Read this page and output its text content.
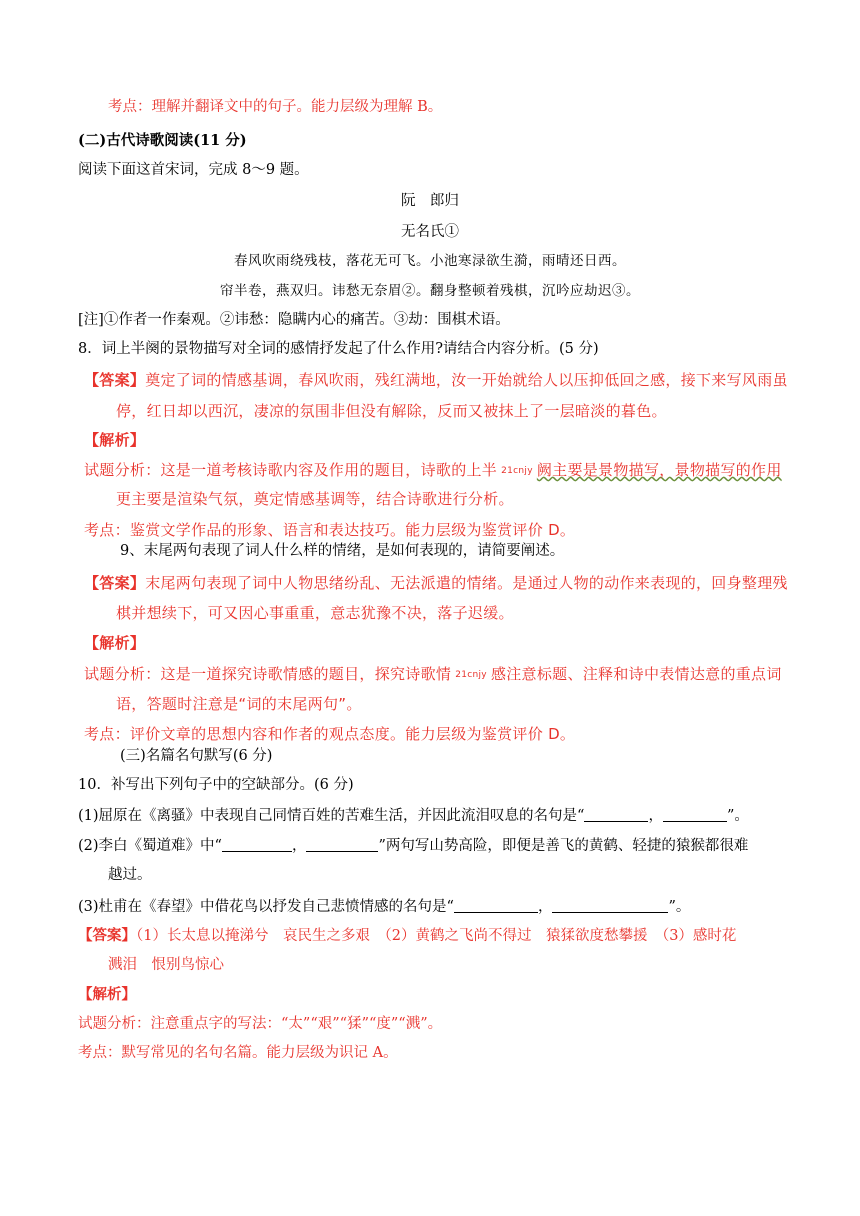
考点：理解并翻译文中的句子。能力层级为理解 B。
(二)古代诗歌阅读(11 分)
阅读下面这首宋词，完成 8～9 题。
阮　郎归
无名氏①
春风吹雨绕残枝，落花无可飞。小池寒渌欲生漪，雨晴还日西。
帘半卷，燕双归。讳愁无奈眉②。翻身整顿着残棋，沉吟应劫迟③。
[注]①作者一作秦观。②讳愁：隐瞒内心的痛苦。③劫：围棋术语。
8．词上半阕的景物描写对全词的感情抒发起了什么作用?请结合内容分析。(5 分)
【答案】奠定了词的情感基调，春风吹雨，残红满地，汝一开始就给人以压抑低回之感，接下来写风雨虽
停，红日却以西沉，凄凉的氛围非但没有解除，反而又被抹上了一层暗淡的暮色。
【解析】
试题分析：这是一道考核诗歌内容及作用的题目，诗歌的上半 21cnjy 阙主要是景物描写，景物描写的作用
更主要是渲染气氛，奠定情感基调等，结合诗歌进行分析。
考点：鉴赏文学作品的形象、语言和表达技巧。能力层级为鉴赏评价 D。
9、末尾两句表现了词人什么样的情绪，是如何表现的，请简要阐述。
【答案】末尾两句表现了词中人物思绪纷乱、无法派遣的情绪。是通过人物的动作来表现的，回身整理残
棋并想续下，可又因心事重重，意志犹豫不决，落子迟缓。
【解析】
试题分析：这是一道探究诗歌情感的题目，探究诗歌情 21cnjy 感注意标题、注释和诗中表情达意的重点词
语，答题时注意是“词的末尾两句”。
考点：评价文章的思想内容和作者的观点态度。能力层级为鉴赏评价 D。
(三)名篇名句默写(6 分)
10．补写出下列句子中的空缺部分。(6 分)
(1)屈原在《离骚》中表现自己同情百姓的苦难生活，并因此流泪叹息的名句是“	，	”。
(2)李白《蜀道难》中“	，	”两句写山势高险，即便是善飞的黄鹤、轻捷的猿猴都很难
越过。
(3)杜甫在《春望》中借花鸟以抒发自己悲愤情感的名句是“	，	”。
【答案】（1）长太息以掩涕兮　哀民生之多艰　（2）黄鹤之飞尚不得过　猿猱欲度愁攀援　（3）感时花
溅泪　恨别鸟惊心
【解析】
试题分析：注意重点字的写法：“太”“艰”“猱”“度”“溅”。
考点：默写常见的名句名篇。能力层级为识记 A。
